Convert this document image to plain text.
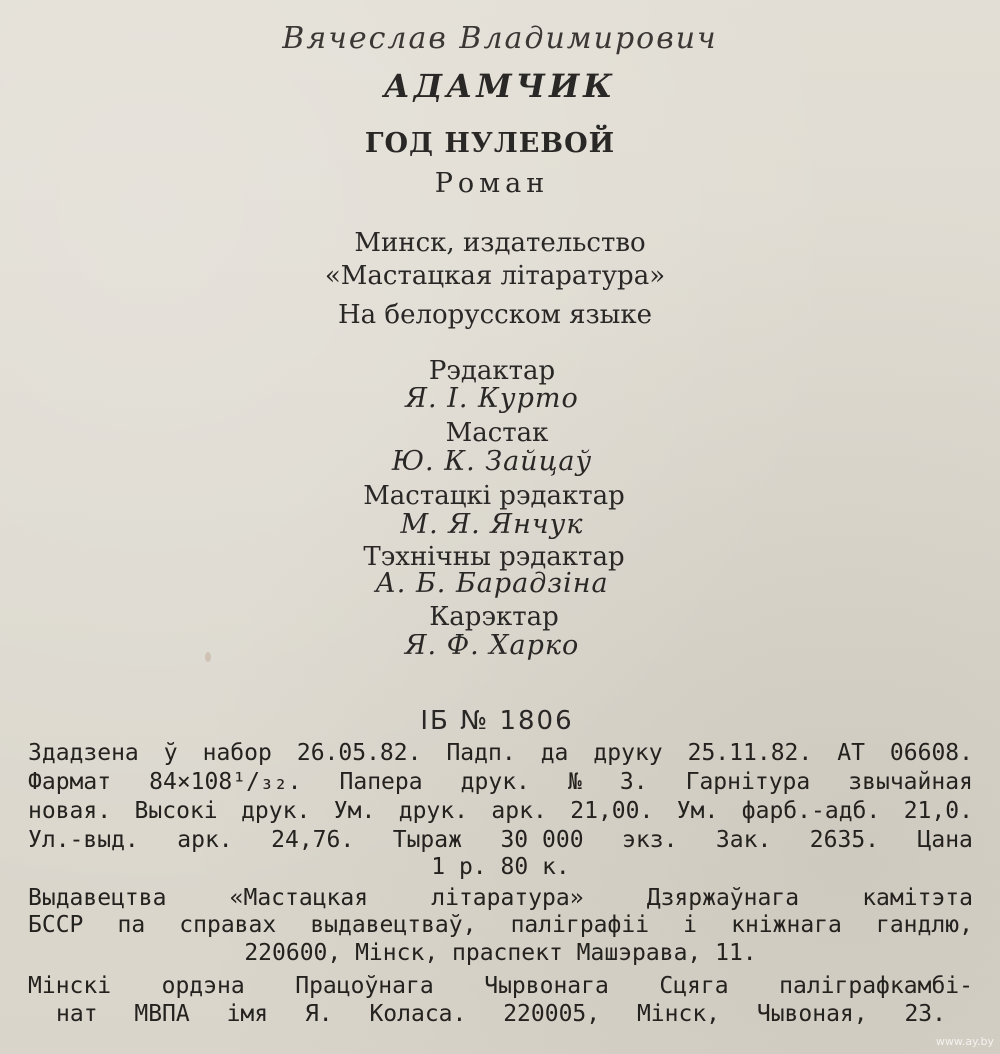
Вячеслав Владимирович
АДАМЧИК
ГОД НУЛЕВОЙ
Роман
Минск, издательство
«Мастацкая літаратура»
На белорусском языке
Рэдактар
Я. І. Курто
Мастак
Ю. К. Зайцаў
Мастацкі рэдактар
М. Я. Янчук
Тэхнічны рэдактар
А. Б. Барадзіна
Карэктар
Я. Ф. Харко
ІБ № 1806
Здадзена ў набор 26.05.82. Падп. да друку 25.11.82. АТ 06608.
Фармат 84×108¹/₃₂. Папера друк. № 3. Гарнітура звычайная
новая. Высокі друк. Ум. друк. арк. 21,00. Ум. фарб.-адб. 21,0.
Ул.-выд. арк. 24,76. Тыраж 30 000 экз. Зак. 2635. Цана
1 р. 80 к.
Выдавецтва	«Мастацкая	літаратура»	Дзяржаўнага	камітэта
БССР па справах выдавецтваў, паліграфіі і кніжнага гандлю,
220600, Мінск, праспект Машэрава, 11.
Мінскі ордэна Працоўнага Чырвонага Сцяга паліграфкамбі-
нат МВПА імя Я. Коласа. 220005, Мінск, Чывоная, 23.
www.ay.by
